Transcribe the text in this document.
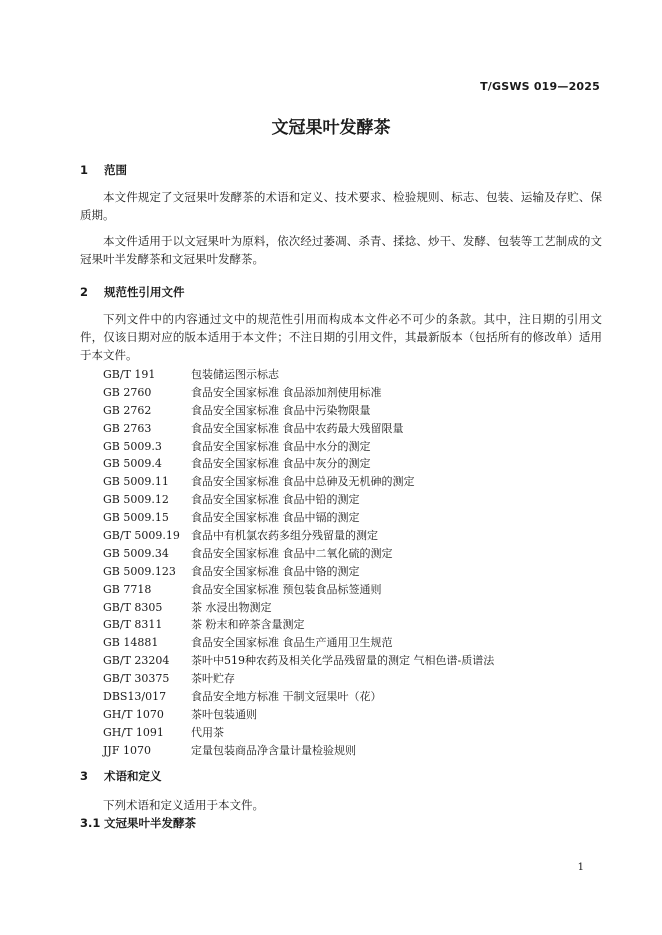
T/GSWS 019—2025
文冠果叶发酵茶
1 范围
本文件规定了文冠果叶发酵茶的术语和定义、技术要求、检验规则、标志、包装、运输及存贮、保质期。
本文件适用于以文冠果叶为原料，依次经过萎凋、杀青、揉捻、炒干、发酵、包装等工艺制成的文冠果叶半发酵茶和文冠果叶发酵茶。
2 规范性引用文件
下列文件中的内容通过文中的规范性引用而构成本文件必不可少的条款。其中，注日期的引用文件，仅该日期对应的版本适用于本文件；不注日期的引用文件，其最新版本（包括所有的修改单）适用于本文件。
GB/T 191	包装储运图示标志
GB 2760	食品安全国家标准 食品添加剂使用标准
GB 2762	食品安全国家标准 食品中污染物限量
GB 2763	食品安全国家标准 食品中农药最大残留限量
GB 5009.3	食品安全国家标准 食品中水分的测定
GB 5009.4	食品安全国家标准 食品中灰分的测定
GB 5009.11 食品安全国家标准 食品中总砷及无机砷的测定
GB 5009.12 食品安全国家标准 食品中铅的测定
GB 5009.15 食品安全国家标准 食品中镉的测定
GB/T 5009.19 食品中有机氯农药多组分残留量的测定
GB 5009.34 食品安全国家标准 食品中二氧化硫的测定
GB 5009.123 食品安全国家标准 食品中铬的测定
GB 7718	食品安全国家标准 预包装食品标签通则
GB/T 8305	茶 水浸出物测定
GB/T 8311	茶 粉末和碎茶含量测定
GB 14881	食品安全国家标准 食品生产通用卫生规范
GB/T 23204 茶叶中519种农药及相关化学品残留量的测定 气相色谱-质谱法
GB/T 30375 茶叶贮存
DBS13/017 食品安全地方标准 干制文冠果叶（花）
GH/T 1070 茶叶包装通则
GH/T 1091 代用茶
JJF 1070	定量包装商品净含量计量检验规则
3 术语和定义
下列术语和定义适用于本文件。
3.1 文冠果叶半发酵茶
1
